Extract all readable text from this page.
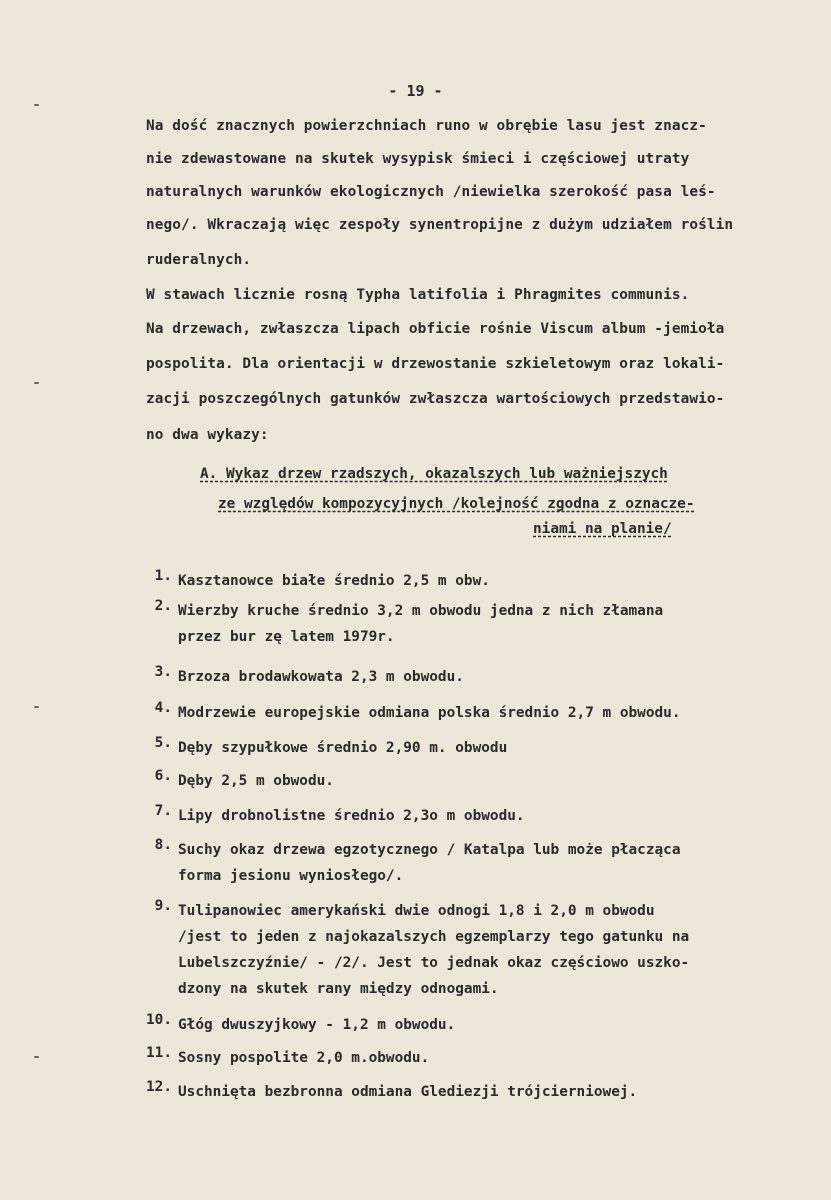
- 19 -
Na dość znacznych powierzchniach runo w obrębie lasu jest znacz-
nie zdewastowane na skutek wysypisk śmieci i częściowej utraty
naturalnych warunków ekologicznych /niewielka szerokość pasa leś-
nego/. Wkraczają więc zespoły synentropijne z dużym udziałem roślin
ruderalnych.
W stawach licznie rosną Typha latifolia i Phragmites communis.
Na drzewach, zwłaszcza lipach obficie rośnie Viscum album -jemioła
pospolita. Dla orientacji w drzewostanie szkieletowym oraz lokali-
zacji poszczególnych gatunków zwłaszcza wartościowych przedstawio-
no dwa wykazy:
A. Wykaz drzew rzadszych, okazalszych lub ważniejszych
ze względów kompozycyjnych /kolejność zgodna z oznacze-
niami na planie/
1. Kasztanowce białe średnio 2,5 m obw.
2. Wierzby kruche średnio 3,2 m obwodu jedna z nich złamana
przez bur zę latem 1979r.
3. Brzoza brodawkowata 2,3 m obwodu.
4. Modrzewie europejskie odmiana polska średnio 2,7 m obwodu.
5. Dęby szypułkowe średnio 2,90 m. obwodu
6. Dęby 2,5 m obwodu.
7. Lipy drobnolistne średnio 2,3o m obwodu.
8. Suchy okaz drzewa egzotycznego / Katalpa lub może płacząca
forma jesionu wyniosłego/.
9. Tulipanowiec amerykański dwie odnogi 1,8 i 2,0 m obwodu
/jest to jeden z najokazalszych egzemplarzy tego gatunku na
Lubelszczyźnie/ - /2/. Jest to jednak okaz częściowo uszko-
dzony na skutek rany między odnogami.
10. Głóg dwuszyjkowy - 1,2 m obwodu.
11. Sosny pospolite 2,0 m.obwodu.
12. Uschnięta bezbronna odmiana Glediezji trójcierniowej.
